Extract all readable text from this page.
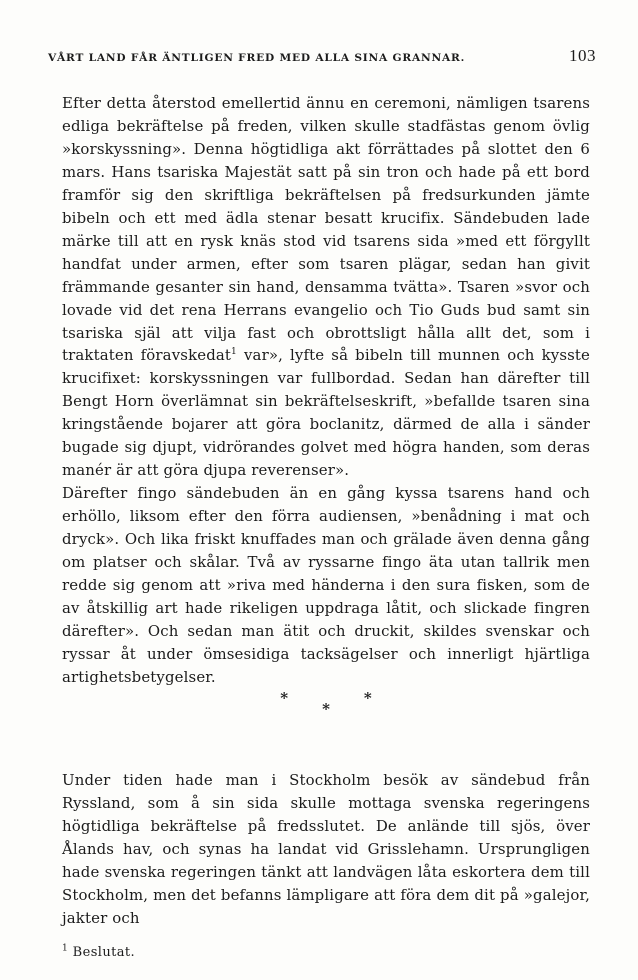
VÅRT LAND FÅR ÄNTLIGEN FRED MED ALLA SINA GRANNAR.	103

Efter detta återstod emellertid ännu en ceremoni, nämligen tsarens edliga bekräftelse på freden, vilken skulle stadfästas genom övlig »korskyssning». Denna högtidliga akt förrättades på slottet den 6 mars. Hans tsariska Majestät satt på sin tron och hade på ett bord framför sig den skriftliga bekräftelsen på fredsurkunden jämte bibeln och ett med ädla stenar besatt krucifix. Sändebuden lade märke till att en rysk knäs stod vid tsarens sida »med ett förgyllt handfat under armen, efter som tsaren plägar, sedan han givit främmande gesanter sin hand, densamma tvätta». Tsaren »svor och lovade vid det rena Herrans evangelio och Tio Guds bud samt sin tsariska själ att vilja fast och obrottsligt hålla allt det, som i traktaten föravskedat$^1$ var», lyfte så bibeln till munnen och kysste krucifixet: korskyssningen var fullbordad. Sedan han därefter till Bengt Horn överlämnat sin bekräftelseskrift, »befallde tsaren sina kringstående bojarer att göra boclanitz, därmed de alla i sänder bugade sig djupt, vidrörandes golvet med högra handen, som deras manér är att göra djupa reverenser».

Därefter fingo sändebuden än en gång kyssa tsarens hand och erhöllo, liksom efter den förra audiensen, »benådning i mat och dryck». Och lika friskt knuffades man och grälade även denna gång om platser och skålar. Två av ryssarne fingo äta utan tallrik men redde sig genom att »riva med händerna i den sura fisken, som de av åtskillig art hade rikeligen uppdraga låtit, och slickade fingren därefter». Och sedan man ätit och druckit, skildes svenskar och ryssar åt under ömsesidiga tacksägelser och innerligt hjärtliga artighetsbetygelser.

*
*
*

Under tiden hade man i Stockholm besök av sändebud från Ryssland, som å sin sida skulle mottaga svenska regeringens högtidliga bekräftelse på fredsslutet. De anlände till sjös, över Ålands hav, och synas ha landat vid Grisslehamn. Ursprungligen hade svenska regeringen tänkt att landvägen låta eskortera dem till Stockholm, men det befanns lämpligare att föra dem dit på »galejor, jakter och

$^1$ Beslutat.
